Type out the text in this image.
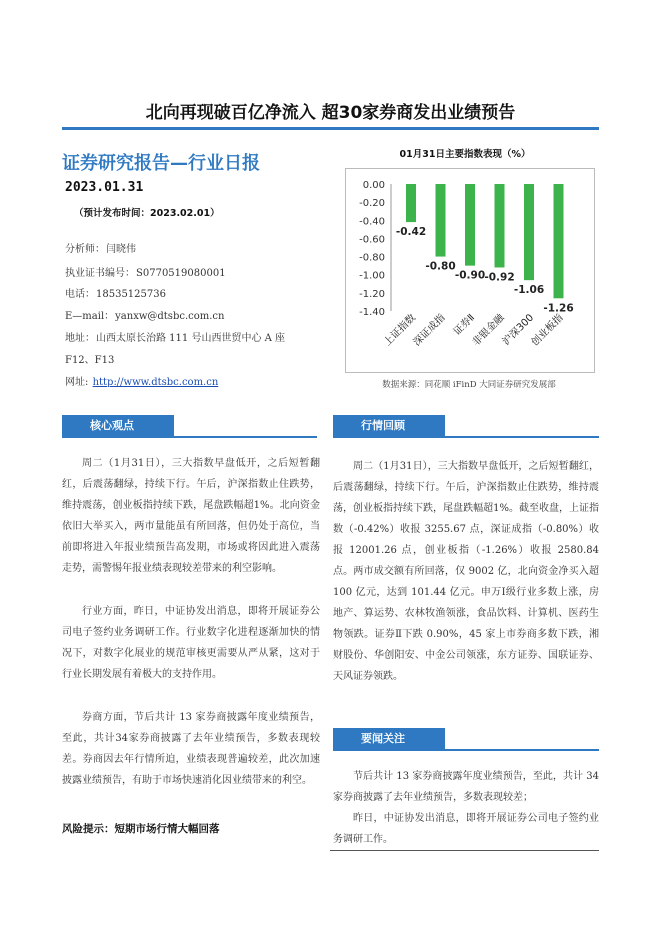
北向再现破百亿净流入 超30家券商发出业绩预告
证券研究报告—行业日报
2023.01.31
（预计发布时间：2023.02.01）
分析师：闫晓伟
执业证书编号：S0770519080001
电话：18535125736
E—mail：yanxw@dtsbc.com.cn
地址：山西太原长治路 111 号山西世贸中心 A 座
F12、F13
网址: http://www.dtsbc.com.cn
01月31日主要指数表现（%）
0.00
-0.20
-0.40
-0.60
-0.80
-1.00
-1.20
-1.40
-0.42
上证指数
-0.80
深证成指
-0.90
证券Ⅱ
-0.92
非银金融
-1.06
沪深300
-1.26
创业板指
数据来源：同花顺 iFinD 大同证券研究发展部
核心观点

周二（1月31日），三大指数早盘低开，之后短暂翻红，后震荡翻绿，持续下行。午后，沪深指数止住跌势，维持震荡，创业板指持续下跌，尾盘跌幅超1%。北向资金依旧大举买入，两市量能虽有所回落，但仍处于高位，当前即将进入年报业绩预告高发期，市场或将因此进入震荡走势，需警惕年报业绩表现较差带来的利空影响。

行业方面，昨日，中证协发出消息，即将开展证券公司电子签约业务调研工作。行业数字化进程逐渐加快的情况下，对数字化展业的规范审核更需要从严从紧，这对于行业长期发展有着极大的支持作用。

券商方面，节后共计 13 家券商披露年度业绩预告，至此，共计34家券商披露了去年业绩预告，多数表现较差。券商因去年行情所迫，业绩表现普遍较差，此次加速披露业绩预告，有助于市场快速消化因业绩带来的利空。

风险提示：短期市场行情大幅回落
行情回顾

周二（1月31日），三大指数早盘低开，之后短暂翻红，后震荡翻绿，持续下行。午后，沪深指数止住跌势，维持震荡，创业板指持续下跌，尾盘跌幅超1%。截至收盘，上证指数（-0.42%）收报 3255.67 点，深证成指（-0.80%）收报 12001.26 点，创业板指（-1.26%）收报 2580.84 点。两市成交额有所回落，仅 9002 亿，北向资金净买入超 100 亿元，达到 101.44 亿元。申万Ⅰ级行业多数上涨，房地产、算运势、农林牧渔领涨，食品饮料、计算机、医药生物领跌。证券Ⅱ下跌 0.90%，45 家上市券商多数下跌，湘财股份、华创阳安、中金公司领涨，东方证券、国联证券、天风证券领跌。

要闻关注

节后共计 13 家券商披露年度业绩预告，至此，共计 34 家券商披露了去年业绩预告，多数表现较差；

昨日，中证协发出消息，即将开展证券公司电子签约业务调研工作。
